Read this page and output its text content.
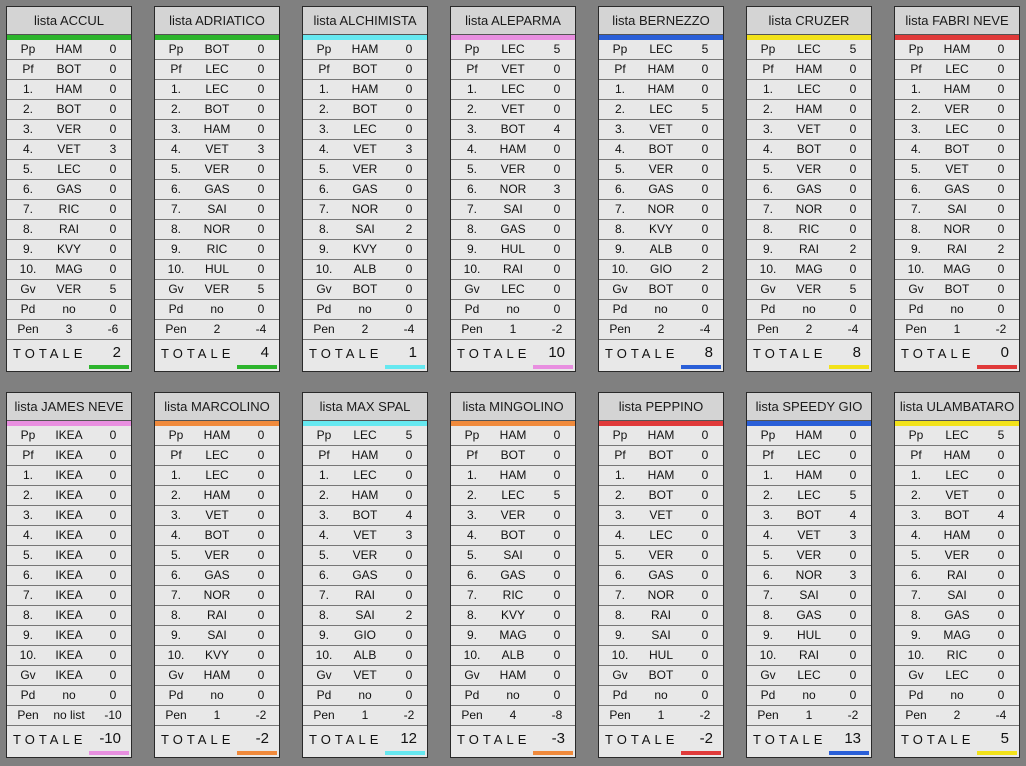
lista ACCUL
Pp	HAM	0
Pf	BOT	0
1.	HAM	0
2.	BOT	0
3.	VER	0
4.	VET	3
5.	LEC	0
6.	GAS	0
7.	RIC	0
8.	RAI	0
9.	KVY	0
10.	MAG	0
Gv	VER	5
Pd	no	0
Pen	3	-6
TOTALE 2
lista ADRIATICO
Pp	BOT	0
Pf	LEC	0
1.	LEC	0
2.	BOT	0
3.	HAM	0
4.	VET	3
5.	VER	0
6.	GAS	0
7.	SAI	0
8.	NOR	0
9.	RIC	0
10.	HUL	0
Gv	VER	5
Pd	no	0
Pen	2	-4
TOTALE 4
lista ALCHIMISTA
Pp	HAM	0
Pf	BOT	0
1.	HAM	0
2.	BOT	0
3.	LEC	0
4.	VET	3
5.	VER	0
6.	GAS	0
7.	NOR	0
8.	SAI	2
9.	KVY	0
10.	ALB	0
Gv	BOT	0
Pd	no	0
Pen	2	-4
TOTALE 1
lista ALEPARMA
Pp	LEC	5
Pf	VET	0
1.	LEC	0
2.	VET	0
3.	BOT	4
4.	HAM	0
5.	VER	0
6.	NOR	3
7.	SAI	0
8.	GAS	0
9.	HUL	0
10.	RAI	0
Gv	LEC	0
Pd	no	0
Pen	1	-2
TOTALE 10
lista BERNEZZO
Pp	LEC	5
Pf	HAM	0
1.	HAM	0
2.	LEC	5
3.	VET	0
4.	BOT	0
5.	VER	0
6.	GAS	0
7.	NOR	0
8.	KVY	0
9.	ALB	0
10.	GIO	2
Gv	BOT	0
Pd	no	0
Pen	2	-4
TOTALE 8
lista CRUZER
Pp	LEC	5
Pf	HAM	0
1.	LEC	0
2.	HAM	0
3.	VET	0
4.	BOT	0
5.	VER	0
6.	GAS	0
7.	NOR	0
8.	RIC	0
9.	RAI	2
10.	MAG	0
Gv	VER	5
Pd	no	0
Pen	2	-4
TOTALE 8
lista FABRI NEVE
Pp	HAM	0
Pf	LEC	0
1.	HAM	0
2.	VER	0
3.	LEC	0
4.	BOT	0
5.	VET	0
6.	GAS	0
7.	SAI	0
8.	NOR	0
9.	RAI	2
10.	MAG	0
Gv	BOT	0
Pd	no	0
Pen	1	-2
TOTALE 0
lista JAMES NEVE
Pp	IKEA	0
Pf	IKEA	0
1.	IKEA	0
2.	IKEA	0
3.	IKEA	0
4.	IKEA	0
5.	IKEA	0
6.	IKEA	0
7.	IKEA	0
8.	IKEA	0
9.	IKEA	0
10.	IKEA	0
Gv	IKEA	0
Pd	no	0
Pen	no list	-10
TOTALE -10
lista MARCOLINO
Pp	HAM	0
Pf	LEC	0
1.	LEC	0
2.	HAM	0
3.	VET	0
4.	BOT	0
5.	VER	0
6.	GAS	0
7.	NOR	0
8.	RAI	0
9.	SAI	0
10.	KVY	0
Gv	HAM	0
Pd	no	0
Pen	1	-2
TOTALE -2
lista MAX SPAL
Pp	LEC	5
Pf	HAM	0
1.	LEC	0
2.	HAM	0
3.	BOT	4
4.	VET	3
5.	VER	0
6.	GAS	0
7.	RAI	0
8.	SAI	2
9.	GIO	0
10.	ALB	0
Gv	VET	0
Pd	no	0
Pen	1	-2
TOTALE 12
lista MINGOLINO
Pp	HAM	0
Pf	BOT	0
1.	HAM	0
2.	LEC	5
3.	VER	0
4.	BOT	0
5.	SAI	0
6.	GAS	0
7.	RIC	0
8.	KVY	0
9.	MAG	0
10.	ALB	0
Gv	HAM	0
Pd	no	0
Pen	4	-8
TOTALE -3
lista PEPPINO
Pp	HAM	0
Pf	BOT	0
1.	HAM	0
2.	BOT	0
3.	VET	0
4.	LEC	0
5.	VER	0
6.	GAS	0
7.	NOR	0
8.	RAI	0
9.	SAI	0
10.	HUL	0
Gv	BOT	0
Pd	no	0
Pen	1	-2
TOTALE -2
lista SPEEDY GIO
Pp	HAM	0
Pf	LEC	0
1.	HAM	0
2.	LEC	5
3.	BOT	4
4.	VET	3
5.	VER	0
6.	NOR	3
7.	SAI	0
8.	GAS	0
9.	HUL	0
10.	RAI	0
Gv	LEC	0
Pd	no	0
Pen	1	-2
TOTALE 13
lista ULAMBATARO
Pp	LEC	5
Pf	HAM	0
1.	LEC	0
2.	VET	0
3.	BOT	4
4.	HAM	0
5.	VER	0
6.	RAI	0
7.	SAI	0
8.	GAS	0
9.	MAG	0
10.	RIC	0
Gv	LEC	0
Pd	no	0
Pen	2	-4
TOTALE 5
